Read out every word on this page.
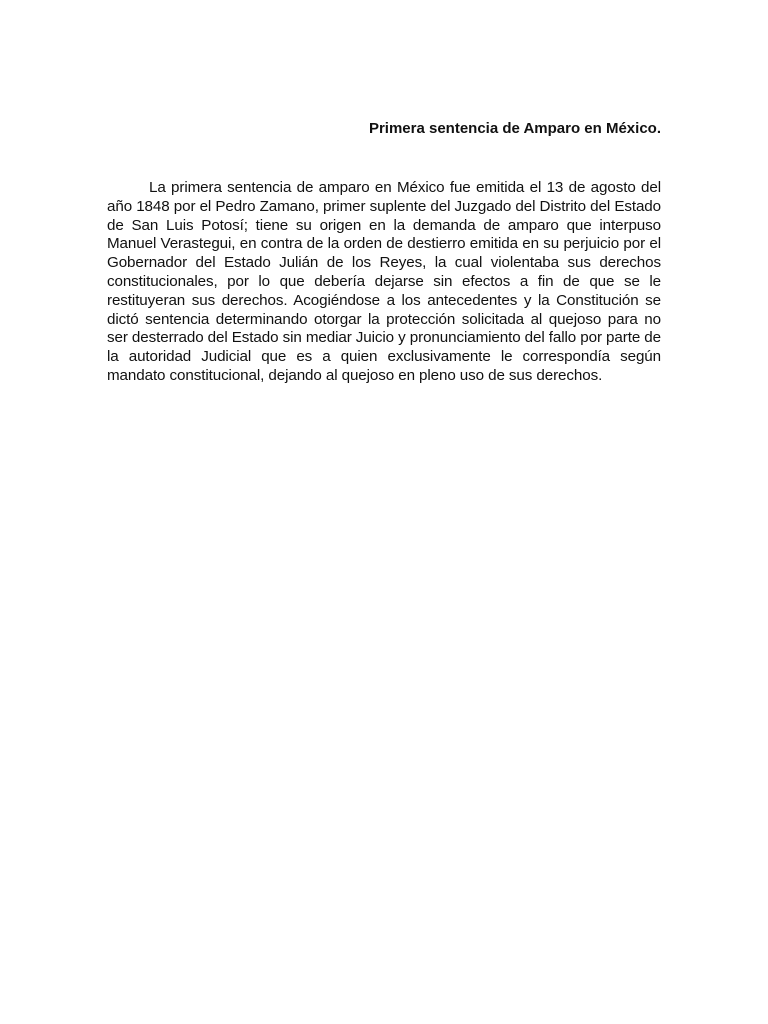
Primera sentencia de Amparo en México.

La primera sentencia de amparo en México fue emitida el 13 de agosto del año 1848 por el Pedro Zamano, primer suplente del Juzgado del Distrito del Estado de San Luis Potosí; tiene su origen en la demanda de amparo que interpuso Manuel Verastegui, en contra de la orden de destierro emitida en su perjuicio por el Gobernador del Estado Julián de los Reyes, la cual violentaba sus derechos constitucionales, por lo que debería dejarse sin efectos a fin de que se le restituyeran sus derechos. Acogiéndose a los antecedentes y la Constitución se dictó sentencia determinando otorgar la protección solicitada al quejoso para no ser desterrado del Estado sin mediar Juicio y pronunciamiento del fallo por parte de la autoridad Judicial que es a quien exclusivamente le correspondía según mandato constitucional, dejando al quejoso en pleno uso de sus derechos.
